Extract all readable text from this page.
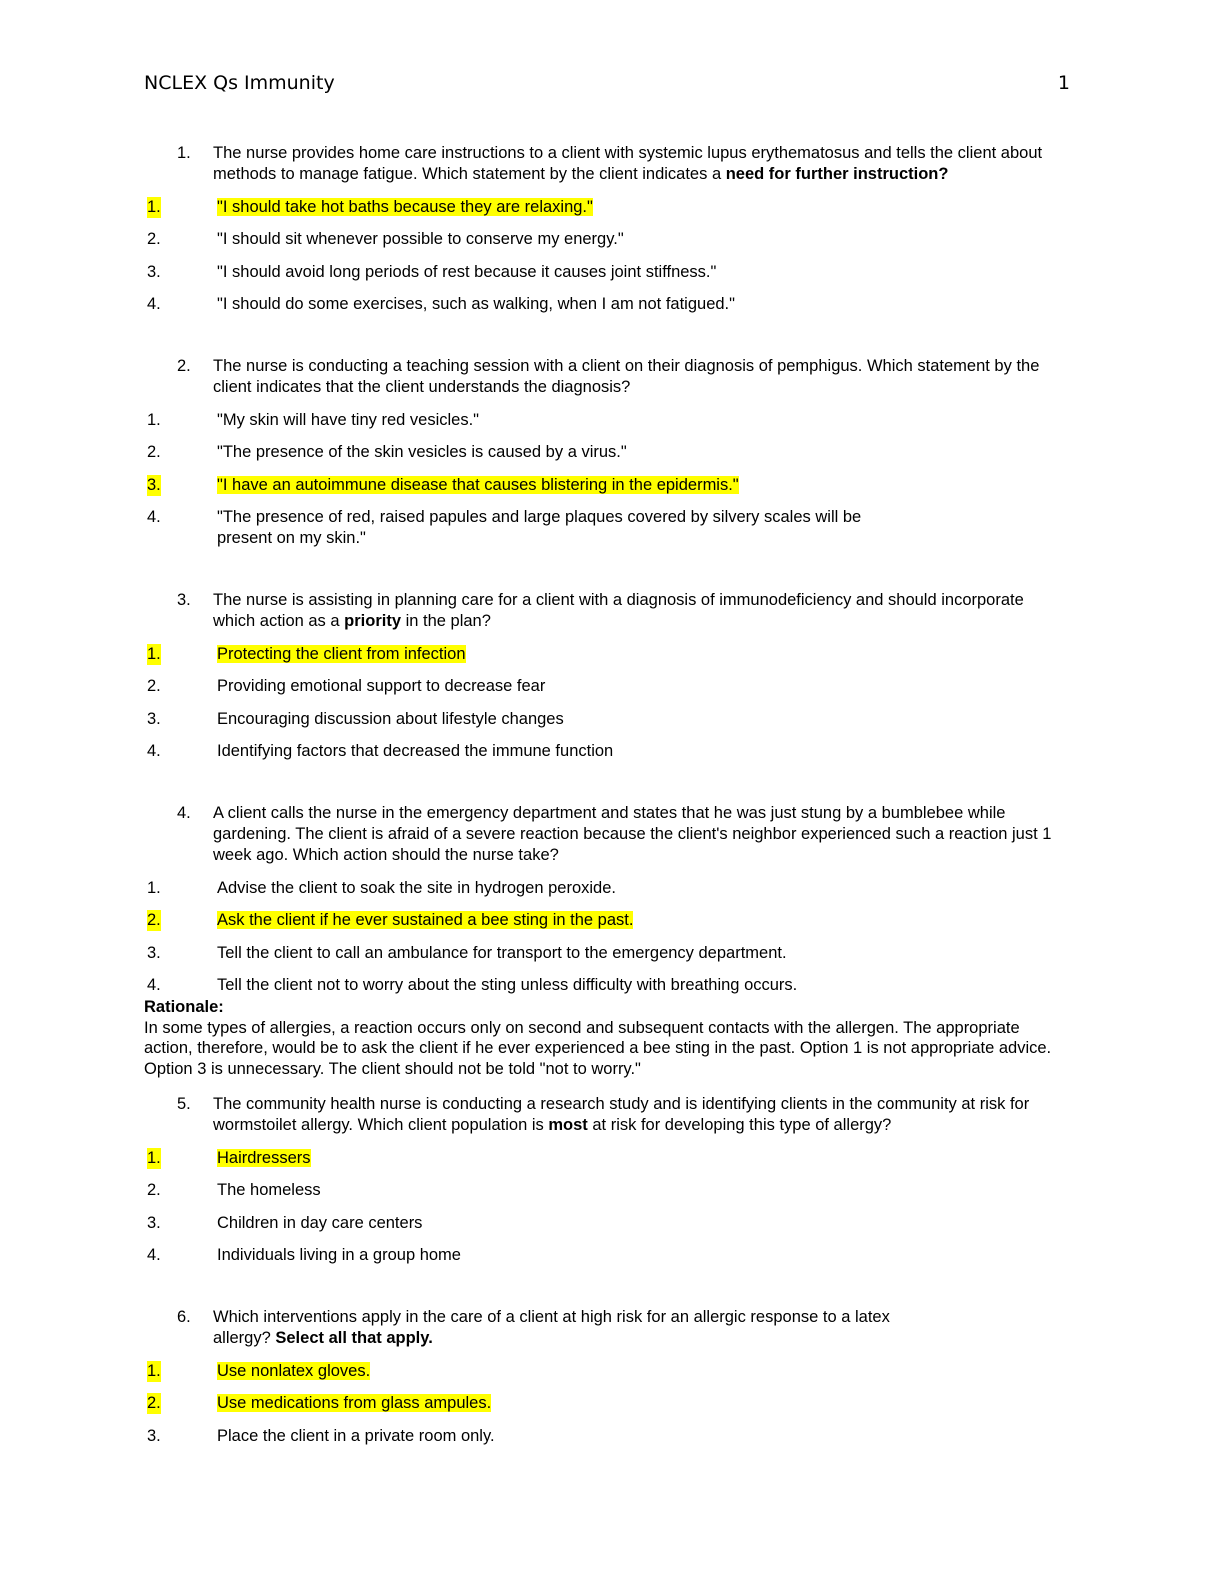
NCLEX Qs Immunity	1
1. The nurse provides home care instructions to a client with systemic lupus erythematosus and tells the client about methods to manage fatigue. Which statement by the client indicates a need for further instruction?
1.	"I should take hot baths because they are relaxing."
2.	"I should sit whenever possible to conserve my energy."
3.	"I should avoid long periods of rest because it causes joint stiffness."
4.	"I should do some exercises, such as walking, when I am not fatigued."
2. The nurse is conducting a teaching session with a client on their diagnosis of pemphigus. Which statement by the client indicates that the client understands the diagnosis?
1.	"My skin will have tiny red vesicles."
2.	"The presence of the skin vesicles is caused by a virus."
3.	"I have an autoimmune disease that causes blistering in the epidermis."
4.	"The presence of red, raised papules and large plaques covered by silvery scales will be
present on my skin."
3. The nurse is assisting in planning care for a client with a diagnosis of immunodeficiency and should incorporate which action as a priority in the plan?
1.	Protecting the client from infection
2.	Providing emotional support to decrease fear
3.	Encouraging discussion about lifestyle changes
4.	Identifying factors that decreased the immune function
4. A client calls the nurse in the emergency department and states that he was just stung by a bumblebee while gardening. The client is afraid of a severe reaction because the client's neighbor experienced such a reaction just 1 week ago. Which action should the nurse take?
1.	Advise the client to soak the site in hydrogen peroxide.
2.	Ask the client if he ever sustained a bee sting in the past.
3.	Tell the client to call an ambulance for transport to the emergency department.
4.	Tell the client not to worry about the sting unless difficulty with breathing occurs.
Rationale:
In some types of allergies, a reaction occurs only on second and subsequent contacts with the allergen. The appropriate action, therefore, would be to ask the client if he ever experienced a bee sting in the past. Option 1 is not appropriate advice. Option 3 is unnecessary. The client should not be told "not to worry."
5. The community health nurse is conducting a research study and is identifying clients in the community at risk for wormstoilet allergy. Which client population is most at risk for developing this type of allergy?
1.	Hairdressers
2.	The homeless
3.	Children in day care centers
4.	Individuals living in a group home
6. Which interventions apply in the care of a client at high risk for an allergic response to a latex
allergy? Select all that apply.
1.	Use nonlatex gloves.
2.	Use medications from glass ampules.
3.	Place the client in a private room only.
